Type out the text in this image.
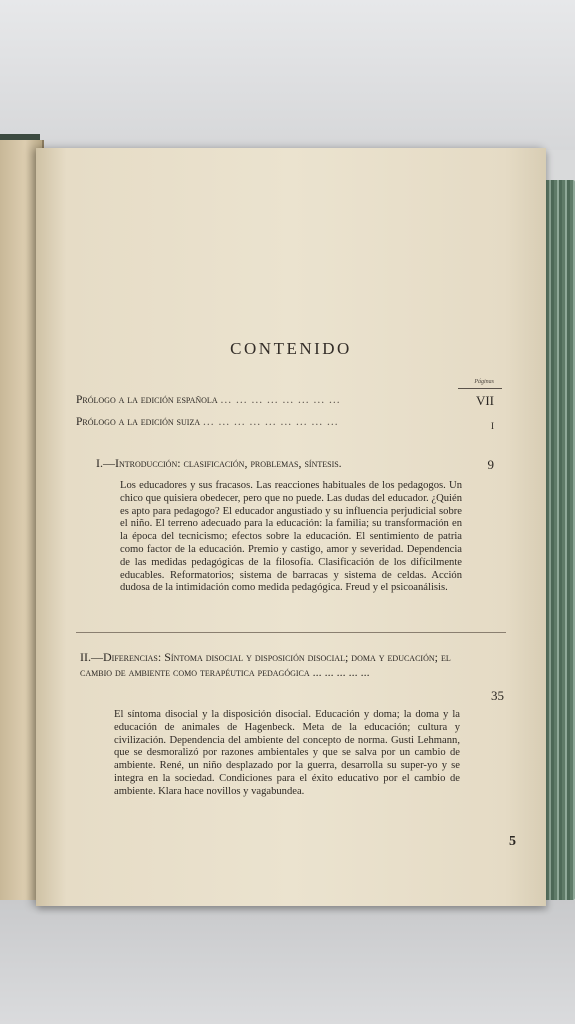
CONTENIDO
Páginas
Prólogo a la edición española ... ... ... ... ... ... ... ...	VII
Prólogo a la edición suiza ... ... ... ... ... ... ... ... ...	I
I.—Introducción: clasificación, problemas, síntesis.	9
Los educadores y sus fracasos. Las reacciones habituales de los pedagogos. Un chico que quisiera obedecer, pero que no puede. Las dudas del educador. ¿Quién es apto para pedagogo? El educador angustiado y su influencia perjudicial sobre el niño. El terreno adecuado para la educación: la familia; su transformación en la época del tecnicismo; efectos sobre la educación. El sentimiento de patria como factor de la educación. Premio y castigo, amor y severidad. Dependencia de las medidas pedagógicas de la filosofía. Clasificación de los difícilmente educables. Reformatorios; sistema de barracas y sistema de celdas. Acción dudosa de la intimidación como medida pedagógica. Freud y el psicoanálisis.
II.—Diferencias: Síntoma disocial y disposición disocial; doma y educación; el cambio de ambiente como terapéutica pedagógica ... ... ... ... ...
35
El síntoma disocial y la disposición disocial. Educación y doma; la doma y la educación de animales de Hagenbeck. Meta de la educación; cultura y civilización. Dependencia del ambiente del concepto de norma. Gusti Lehmann, que se desmoralizó por razones ambientales y que se salva por un cambio de ambiente. René, un niño desplazado por la guerra, desarrolla su super-yo y se integra en la sociedad. Condiciones para el éxito educativo por el cambio de ambiente. Klara hace novillos y vagabundea.
5
